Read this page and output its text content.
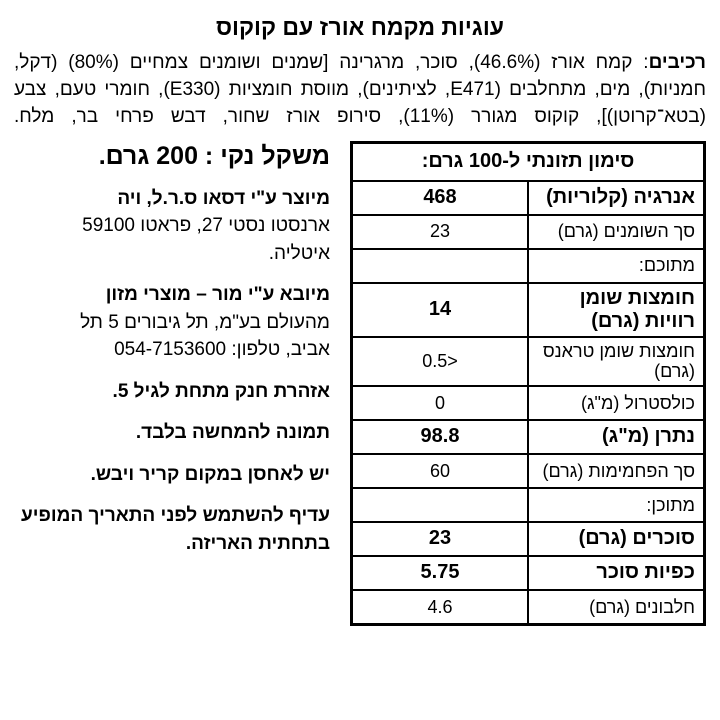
עוגיות מקמח אורז עם קוקוס

רכיבים: קמח אורז (46.6%), סוכר, מרגרינה [שמנים ושומנים צמחיים (80%) (דקל, חמניות), מים, מתחלבים (E471, לציתינים), מווסת חומציות (E330), חומרי טעם, צבע (בטא־קרוטן)], קוקוס מגורר (11%), סירופ אורז שחור, דבש פרחי בר, מלח.

סימון תזונתי ל-100 גרם:	
אנרגיה (קלוריות)	468
סך השומנים (גרם)	23
מתוכם:	
חומצות שומן רוויות (גרם)	14
חומצות שומן טראנס (גרם)	<0.5
כולסטרול (מ"ג)	0
נתרן (מ"ג)	98.8
סך הפחמימות (גרם)	60
מתוכן:	
סוכרים (גרם)	23
כפיות סוכר	5.75
חלבונים (גרם)	4.6
משקל נקי : 200 גרם.
מיוצר ע"י דסאו ס.ר.ל, ויה
ארנסטו נסטי 27, פראטו 59100
איטליה.
מיובא ע"י מור – מוצרי מזון
מהעולם בע"מ, תל גיבורים 5 תל
אביב, טלפון: 054-7153600
אזהרת חנק מתחת לגיל 5.
תמונה להמחשה בלבד.
יש לאחסן במקום קריר ויבש.
עדיף להשתמש לפני התאריך המופיע בתחתית האריזה.
